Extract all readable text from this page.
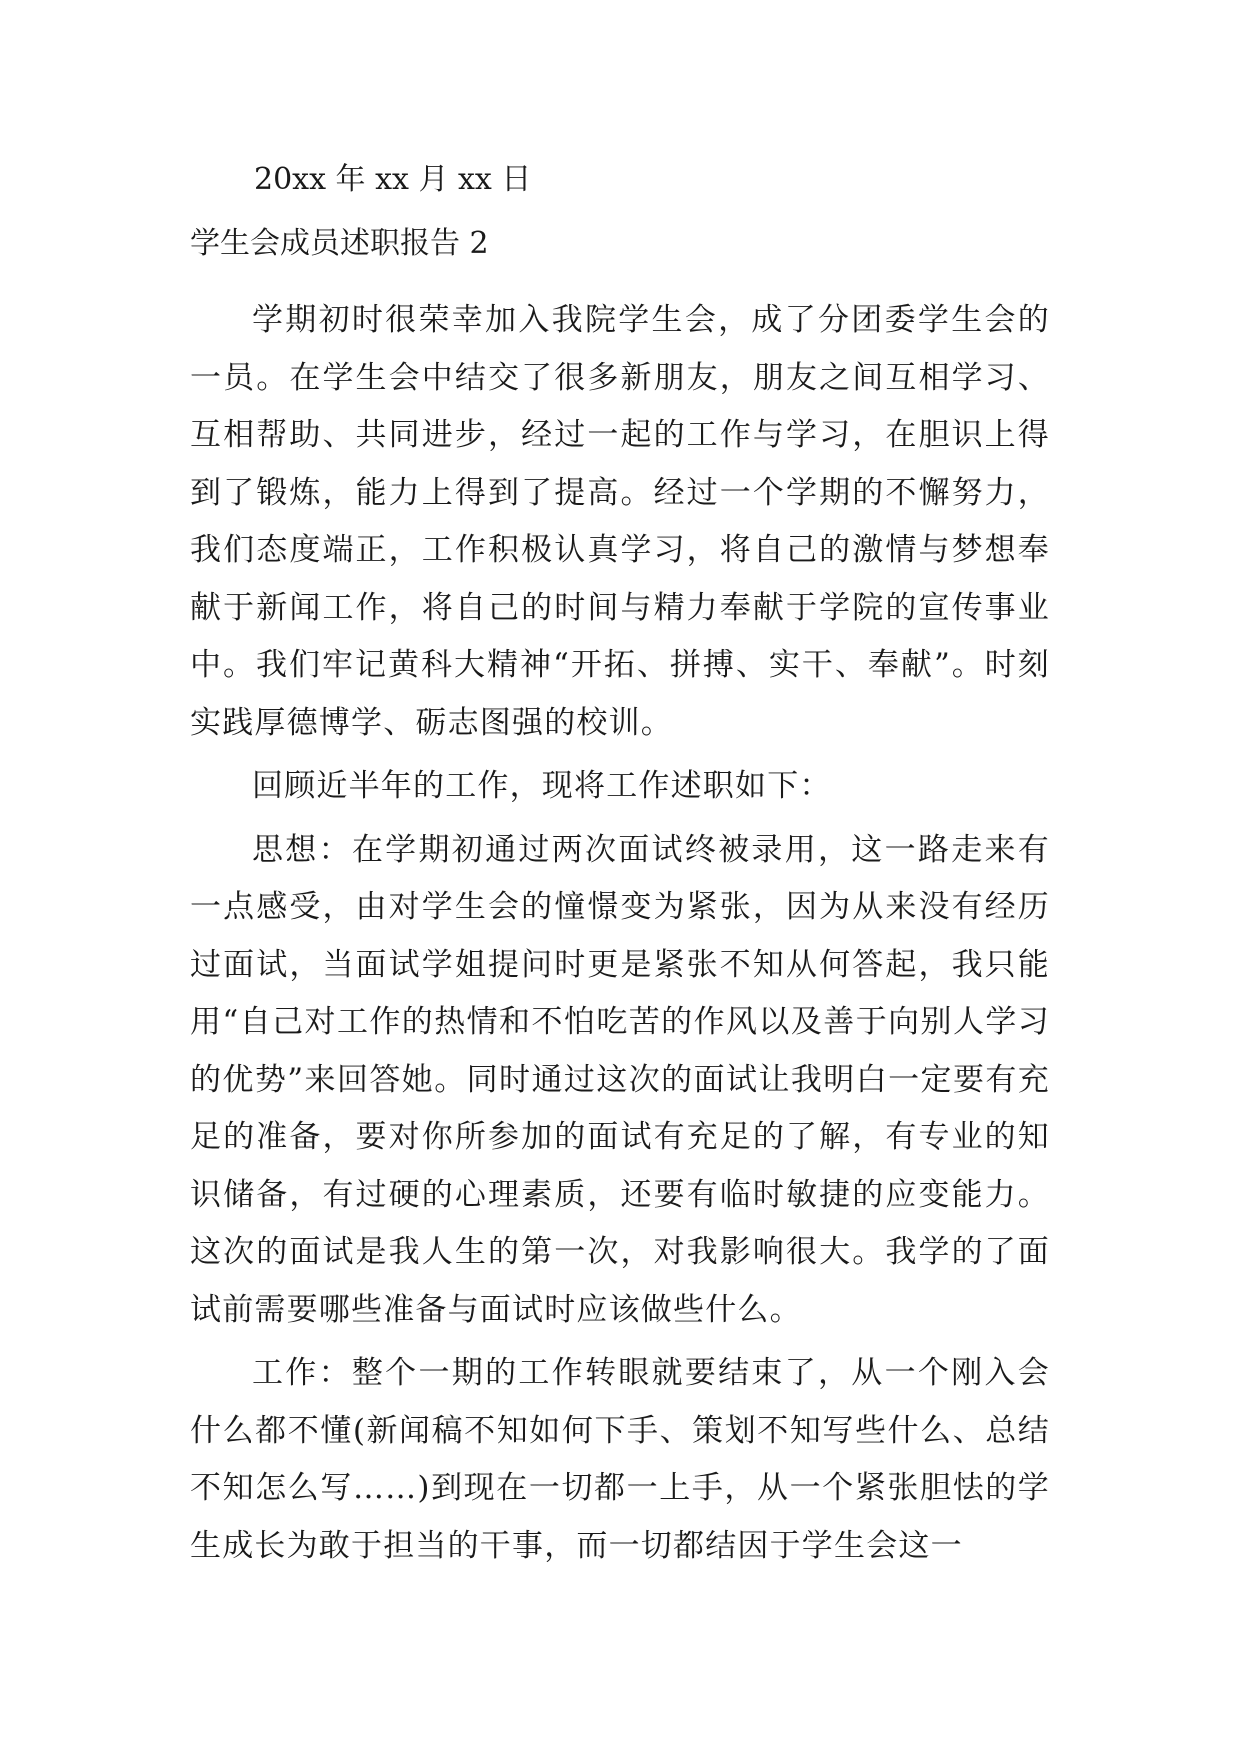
20xx 年 xx 月 xx 日
学生会成员述职报告 2

学期初时很荣幸加入我院学生会，成了分团委学生会的一员。在学生会中结交了很多新朋友，朋友之间互相学习、互相帮助、共同进步，经过一起的工作与学习，在胆识上得到了锻炼，能力上得到了提高。经过一个学期的不懈努力，我们态度端正，工作积极认真学习，将自己的激情与梦想奉献于新闻工作，将自己的时间与精力奉献于学院的宣传事业中。我们牢记黄科大精神“开拓、拼搏、实干、奉献”。时刻实践厚德博学、砺志图强的校训。

回顾近半年的工作，现将工作述职如下：

思想：在学期初通过两次面试终被录用，这一路走来有一点感受，由对学生会的憧憬变为紧张，因为从来没有经历过面试，当面试学姐提问时更是紧张不知从何答起，我只能用“自己对工作的热情和不怕吃苦的作风以及善于向别人学习的优势”来回答她。同时通过这次的面试让我明白一定要有充足的准备，要对你所参加的面试有充足的了解，有专业的知识储备，有过硬的心理素质，还要有临时敏捷的应变能力。这次的面试是我人生的第一次，对我影响很大。我学的了面试前需要哪些准备与面试时应该做些什么。

工作：整个一期的工作转眼就要结束了，从一个刚入会什么都不懂(新闻稿不知如何下手、策划不知写些什么、总结不知怎么写……)到现在一切都一上手，从一个紧张胆怯的学生成长为敢于担当的干事，而一切都结因于学生会这一
